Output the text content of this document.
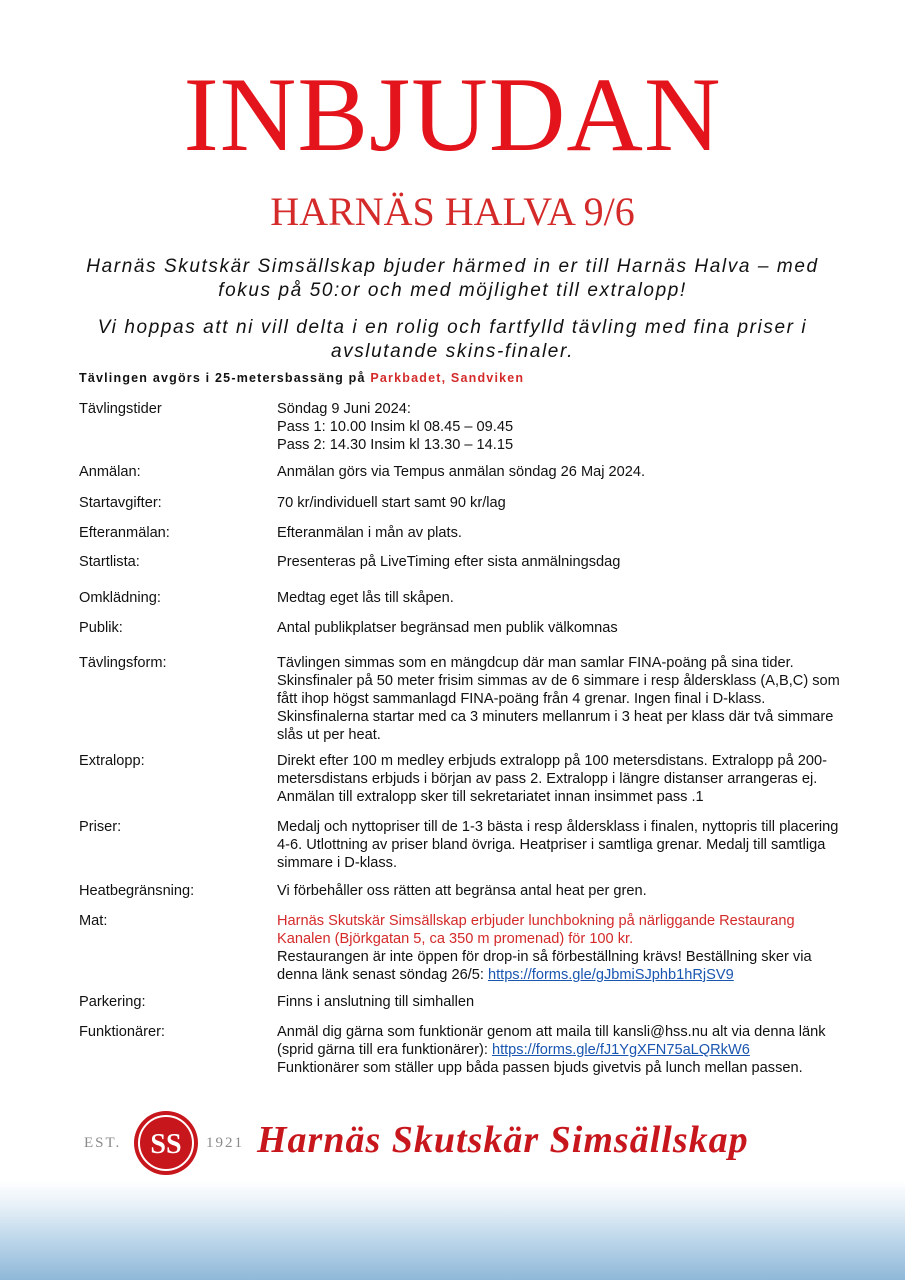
INBJUDAN
HARNÄS HALVA 9/6
Harnäs Skutskär Simsällskap bjuder härmed in er till Harnäs Halva – med fokus på 50:or och med möjlighet till extralopp!
Vi hoppas att ni vill delta i en rolig och fartfylld tävling med fina priser i avslutande skins-finaler.
Tävlingen avgörs i 25-metersbassäng på Parkbadet, Sandviken
Tävlingstider	Söndag 9 Juni 2024:
Pass 1: 10.00 Insim kl 08.45 – 09.45
Pass 2: 14.30 Insim kl 13.30 – 14.15
Anmälan:	Anmälan görs via Tempus anmälan söndag 26 Maj 2024.
Startavgifter:	70 kr/individuell start samt 90 kr/lag
Efteranmälan:	Efteranmälan i mån av plats.
Startlista:	Presenteras på LiveTiming efter sista anmälningsdag
Omklädning:	Medtag eget lås till skåpen.
Publik:	Antal publikplatser begränsad men publik välkomnas
Tävlingsform:	Tävlingen simmas som en mängdcup där man samlar FINA-poäng på sina tider. Skinsfinaler på 50 meter frisim simmas av de 6 simmare i resp åldersklass (A,B,C) som fått ihop högst sammanlagd FINA-poäng från 4 grenar. Ingen final i D-klass. Skinsfinalerna startar med ca 3 minuters mellanrum i 3 heat per klass där två simmare slås ut per heat.
Extralopp:	Direkt efter 100 m medley erbjuds extralopp på 100 metersdistans. Extralopp på 200-metersdistans erbjuds i början av pass 2. Extralopp i längre distanser arrangeras ej. Anmälan till extralopp sker till sekretariatet innan insimmet pass .1
Priser:	Medalj och nyttopriser till de 1-3 bästa i resp åldersklass i finalen, nyttopris till placering 4-6. Utlottning av priser bland övriga. Heatpriser i samtliga grenar. Medalj till samtliga simmare i D-klass.
Heatbegränsning:	Vi förbehåller oss rätten att begränsa antal heat per gren.
Mat:	Harnäs Skutskär Simsällskap erbjuder lunchbokning på närliggande Restaurang Kanalen (Björkgatan 5, ca 350 m promenad) för 100 kr.
Restaurangen är inte öppen för drop-in så förbeställning krävs! Beställning sker via denna länk senast söndag 26/5: https://forms.gle/gJbmiSJphb1hRjSV9
Parkering:	Finns i anslutning till simhallen
Funktionärer:	Anmäl dig gärna som funktionär genom att maila till kansli@hss.nu alt via denna länk (sprid gärna till era funktionärer): https://forms.gle/fJ1YgXFN75aLQRkW6
Funktionärer som ställer upp båda passen bjuds givetvis på lunch mellan passen.
EST. SS 1921 Harnäs Skutskär Simsällskap
